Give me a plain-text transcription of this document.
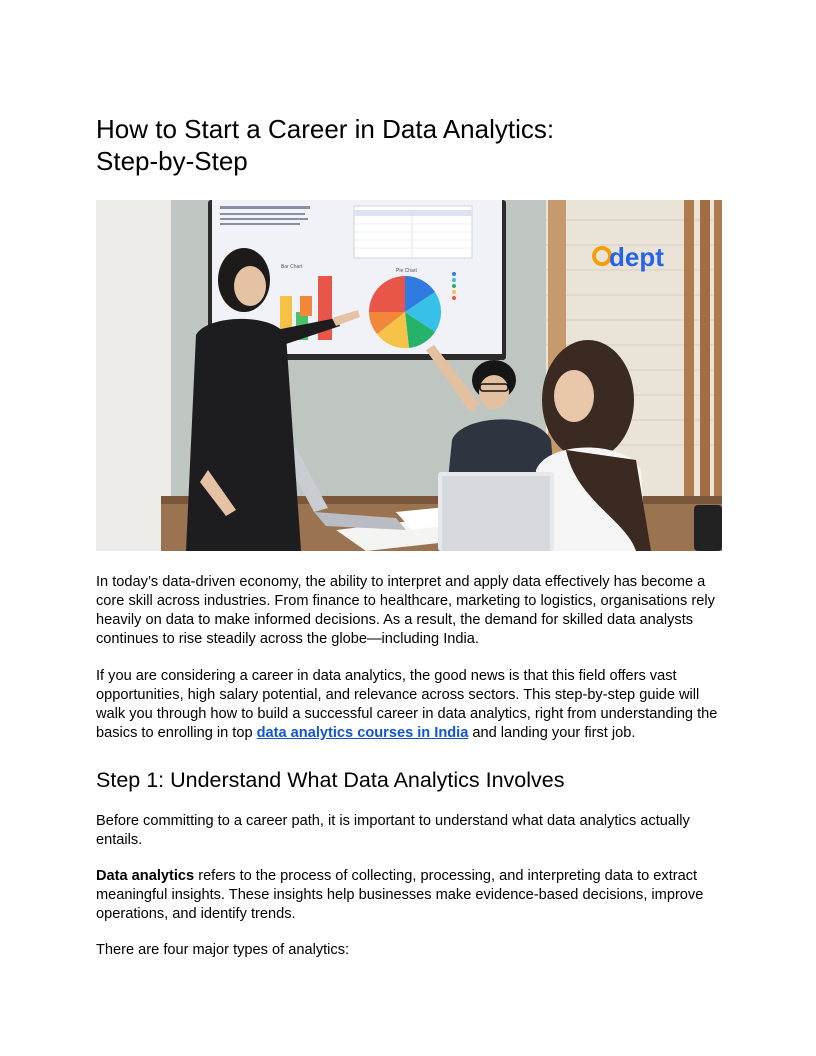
How to Start a Career in Data Analytics:
Step-by-Step
dept
Bar Chart
Pie Chart

In today’s data-driven economy, the ability to interpret and apply data effectively has become a core skill across industries. From finance to healthcare, marketing to logistics, organisations rely heavily on data to make informed decisions. As a result, the demand for skilled data analysts continues to rise steadily across the globe—including India.

If you are considering a career in data analytics, the good news is that this field offers vast opportunities, high salary potential, and relevance across sectors. This step-by-step guide will walk you through how to build a successful career in data analytics, right from understanding the basics to enrolling in top data analytics courses in India and landing your first job.

Step 1: Understand What Data Analytics Involves

Before committing to a career path, it is important to understand what data analytics actually entails.

Data analytics refers to the process of collecting, processing, and interpreting data to extract meaningful insights. These insights help businesses make evidence-based decisions, improve operations, and identify trends.

There are four major types of analytics:
